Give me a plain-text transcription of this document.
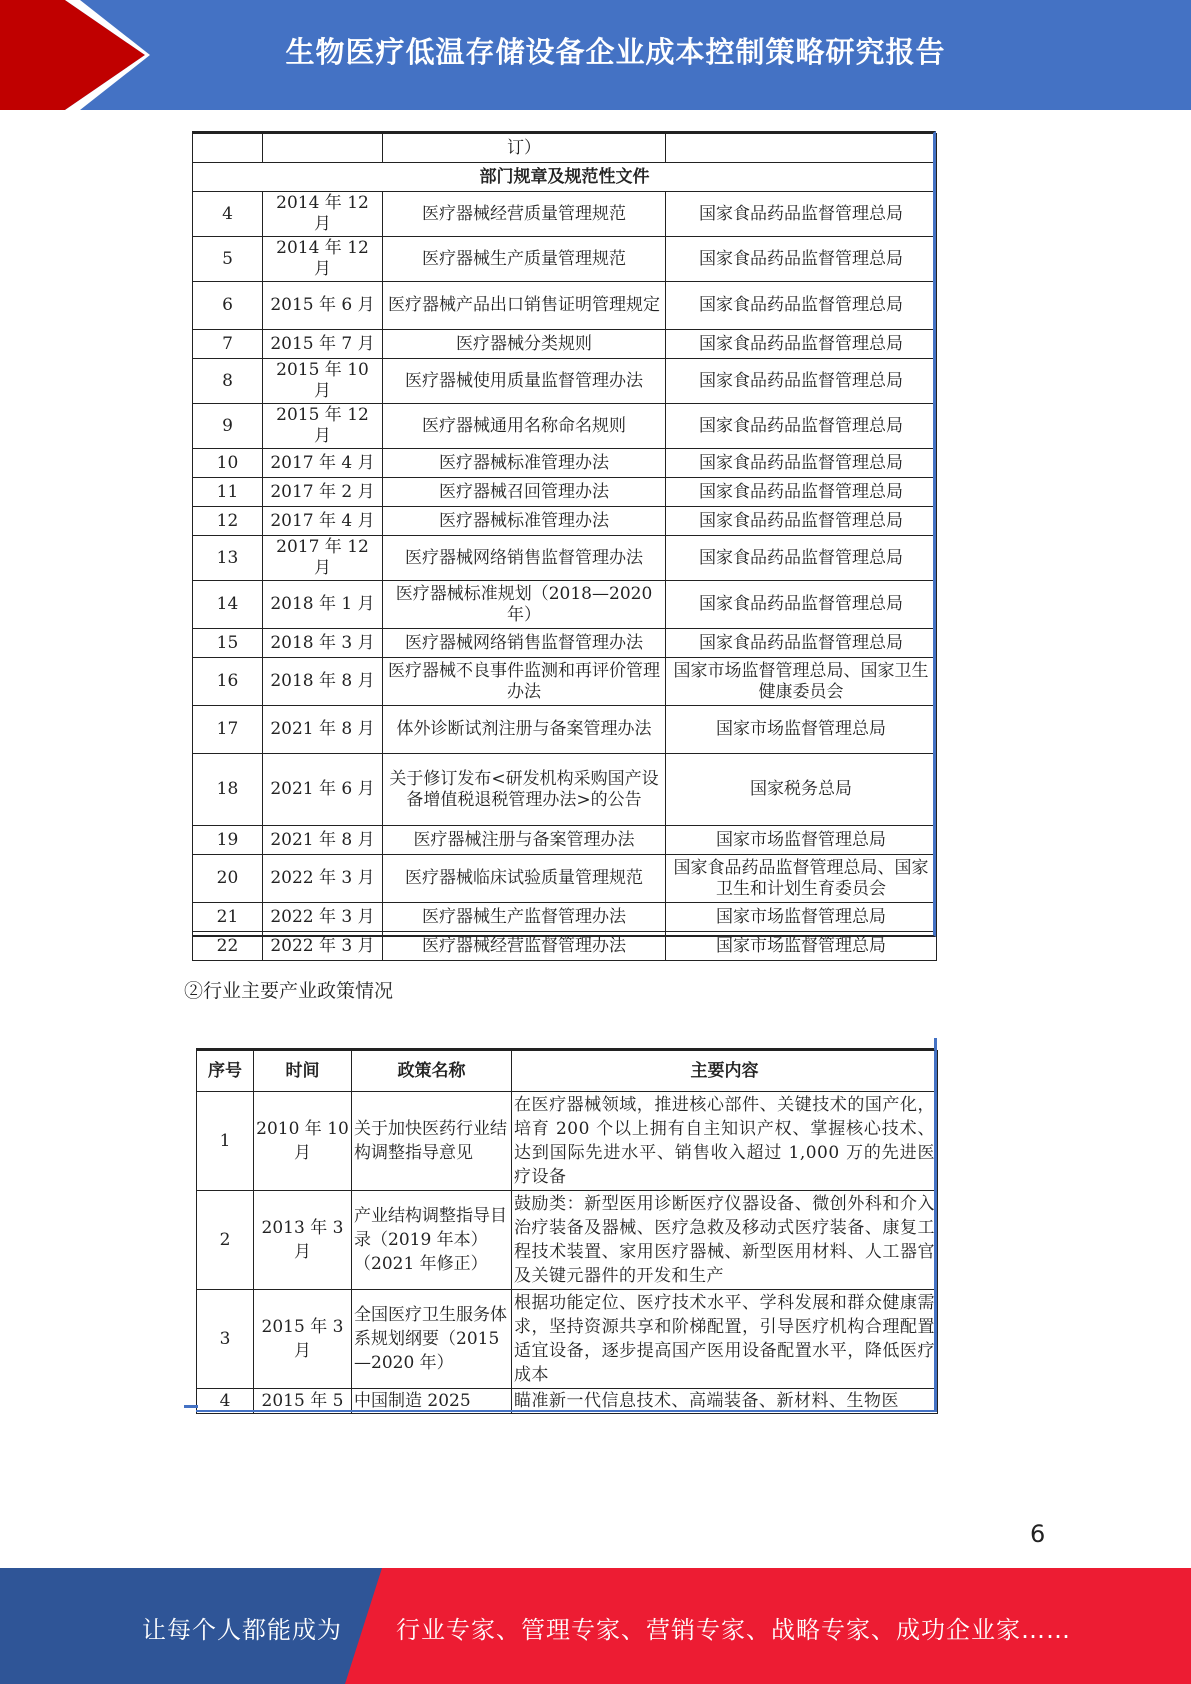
生物医疗低温存储设备企业成本控制策略研究报告
		订）	
部门规章及规范性文件			
4	2014 年 12 月	医疗器械经营质量管理规范	国家食品药品监督管理总局
5	2014 年 12 月	医疗器械生产质量管理规范	国家食品药品监督管理总局
6	2015 年 6 月	医疗器械产品出口销售证明管理规定	国家食品药品监督管理总局
7	2015 年 7 月	医疗器械分类规则	国家食品药品监督管理总局
8	2015 年 10 月	医疗器械使用质量监督管理办法	国家食品药品监督管理总局
9	2015 年 12 月	医疗器械通用名称命名规则	国家食品药品监督管理总局
10	2017 年 4 月	医疗器械标准管理办法	国家食品药品监督管理总局
11	2017 年 2 月	医疗器械召回管理办法	国家食品药品监督管理总局
12	2017 年 4 月	医疗器械标准管理办法	国家食品药品监督管理总局
13	2017 年 12 月	医疗器械网络销售监督管理办法	国家食品药品监督管理总局
14	2018 年 1 月	医疗器械标准规划（2018—2020年）	国家食品药品监督管理总局
15	2018 年 3 月	医疗器械网络销售监督管理办法	国家食品药品监督管理总局
16	2018 年 8 月	医疗器械不良事件监测和再评价管理办法	国家市场监督管理总局、国家卫生健康委员会
17	2021 年 8 月	体外诊断试剂注册与备案管理办法	国家市场监督管理总局
18	2021 年 6 月	关于修订发布<研发机构采购国产设备增值税退税管理办法>的公告	国家税务总局
19	2021 年 8 月	医疗器械注册与备案管理办法	国家市场监督管理总局
20	2022 年 3 月	医疗器械临床试验质量管理规范	国家食品药品监督管理总局、国家卫生和计划生育委员会
21	2022 年 3 月	医疗器械生产监督管理办法	国家市场监督管理总局
22	2022 年 3 月	医疗器械经营监督管理办法	国家市场监督管理总局
②行业主要产业政策情况
序号	时间	政策名称	主要内容
1	2010 年 10 月	关于加快医药行业结构调整指导意见	在医疗器械领域，推进核心部件、关键技术的国产化，培育 200 个以上拥有自主知识产权、掌握核心技术、达到国际先进水平、销售收入超过 1,000 万的先进医疗设备
2	2013 年 3 月	产业结构调整指导目录（2019 年本）（2021 年修正）	鼓励类：新型医用诊断医疗仪器设备、微创外科和介入治疗装备及器械、医疗急救及移动式医疗装备、康复工程技术装置、家用医疗器械、新型医用材料、人工器官及关键元器件的开发和生产
3	2015 年 3 月	全国医疗卫生服务体系规划纲要（2015—2020 年）	根据功能定位、医疗技术水平、学科发展和群众健康需求，坚持资源共享和阶梯配置，引导医疗机构合理配置适宜设备，逐步提高国产医用设备配置水平，降低医疗成本
4	2015 年 5	中国制造 2025	瞄准新一代信息技术、高端装备、新材料、生物医
6
让每个人都能成为 行业专家、管理专家、营销专家、战略专家、成功企业家……
